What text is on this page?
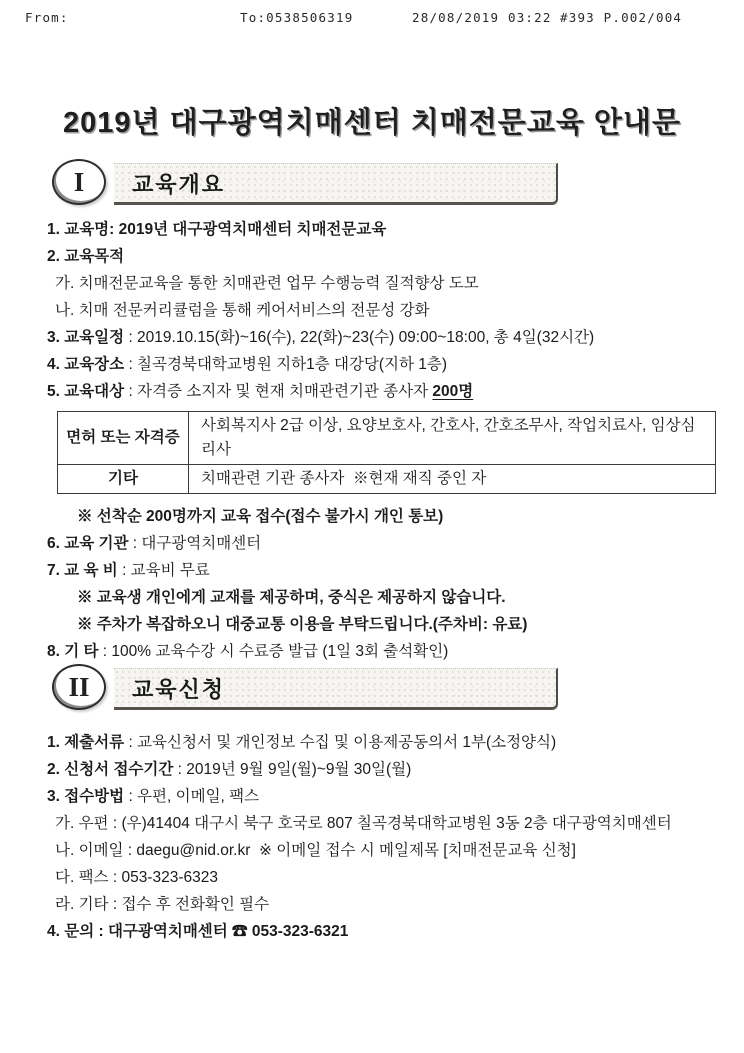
From:	To:0538506319	28/08/2019 03:22 #393 P.002/004
2019년 대구광역치매센터 치매전문교육 안내문
I	교육개요
1. 교육명: 2019년 대구광역치매센터 치매전문교육
2. 교육목적
가. 치매전문교육을 통한 치매관련 업무 수행능력 질적향상 도모
나. 치매 전문커리큘럼을 통해 케어서비스의 전문성 강화
3. 교육일정 : 2019.10.15(화)~16(수), 22(화)~23(수) 09:00~18:00, 총 4일(32시간)
4. 교육장소 : 칠곡경북대학교병원 지하1층 대강당(지하 1층)
5. 교육대상 : 자격증 소지자 및 현재 치매관련기관 종사자 200명
면허 또는 자격증	사회복지사 2급 이상, 요양보호사, 간호사, 간호조무사, 작업치료사, 임상심리사
기타	치매관련 기관 종사자  ※현재 재직 중인 자
※ 선착순 200명까지 교육 접수(접수 불가시 개인 통보)
6. 교육 기관 : 대구광역치매센터
7. 교 육 비 : 교육비 무료
※ 교육생 개인에게 교재를 제공하며, 중식은 제공하지 않습니다.
※ 주차가 복잡하오니 대중교통 이용을 부탁드립니다.(주차비: 유료)
8. 기 타 : 100% 교육수강 시 수료증 발급 (1일 3회 출석확인)
II	교육신청
1. 제출서류 : 교육신청서 및 개인정보 수집 및 이용제공동의서 1부(소정양식)
2. 신청서 접수기간 : 2019년 9월 9일(월)~9월 30일(월)
3. 접수방법 : 우편, 이메일, 팩스
가. 우편 : (우)41404 대구시 북구 호국로 807 칠곡경북대학교병원 3동 2층 대구광역치매센터
나. 이메일 : daegu@nid.or.kr  ※ 이메일 접수 시 메일제목 [치매전문교육 신청]
다. 팩스 : 053-323-6323
라. 기타 : 접수 후 전화확인 필수
4. 문의 : 대구광역치매센터 ☎ 053-323-6321
